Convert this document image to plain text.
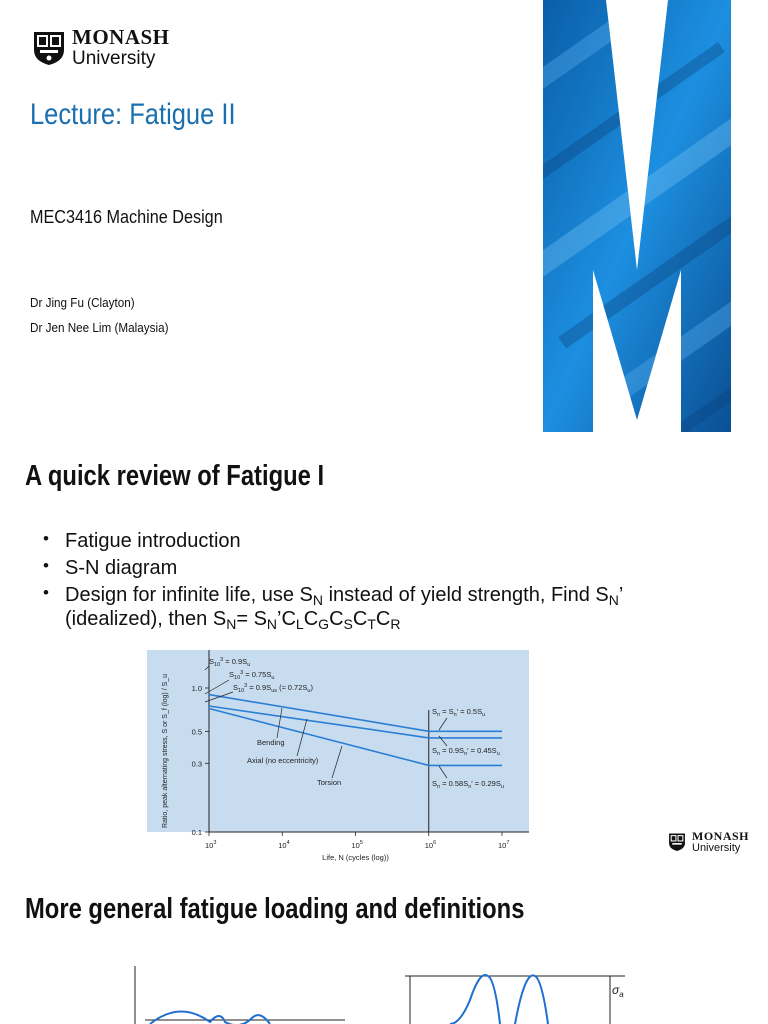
MONASH
University
Lecture: Fatigue II
MEC3416 Machine Design
Dr Jing Fu (Clayton)
Dr Jen Nee Lim (Malaysia)
A quick review of Fatigue I
• Fatigue introduction
• S-N diagram
• Design for infinite life, use $S_N$ instead of yield strength, Find $S_N$’
(idealized), then $S_N=$ $S_N’C_LC_GC_SC_TC_R$
1.0
0.5
0.3
0.1
$10^3$	$10^4$	$10^5$	$10^6$	$10^7$
Life, N (cycles (log))
Ratio, peak alternating stress, S or S_f (log) / S_u
$S_{10}^3 = 0.9S_u$
$S_{10}^3 = 0.75S_u$
$S_{10}^3 = 0.9S_{us}$ (≈ $0.72S_u$)
$S_n = S_n' = 0.5S_u$
$S_n = 0.9S_n' = 0.45S_u$
$S_n = 0.58S_n' = 0.29S_u$
Bending
Axial (no eccentricity)
Torsion
MONASH
University
More general fatigue loading and definitions
$\sigma_a$
